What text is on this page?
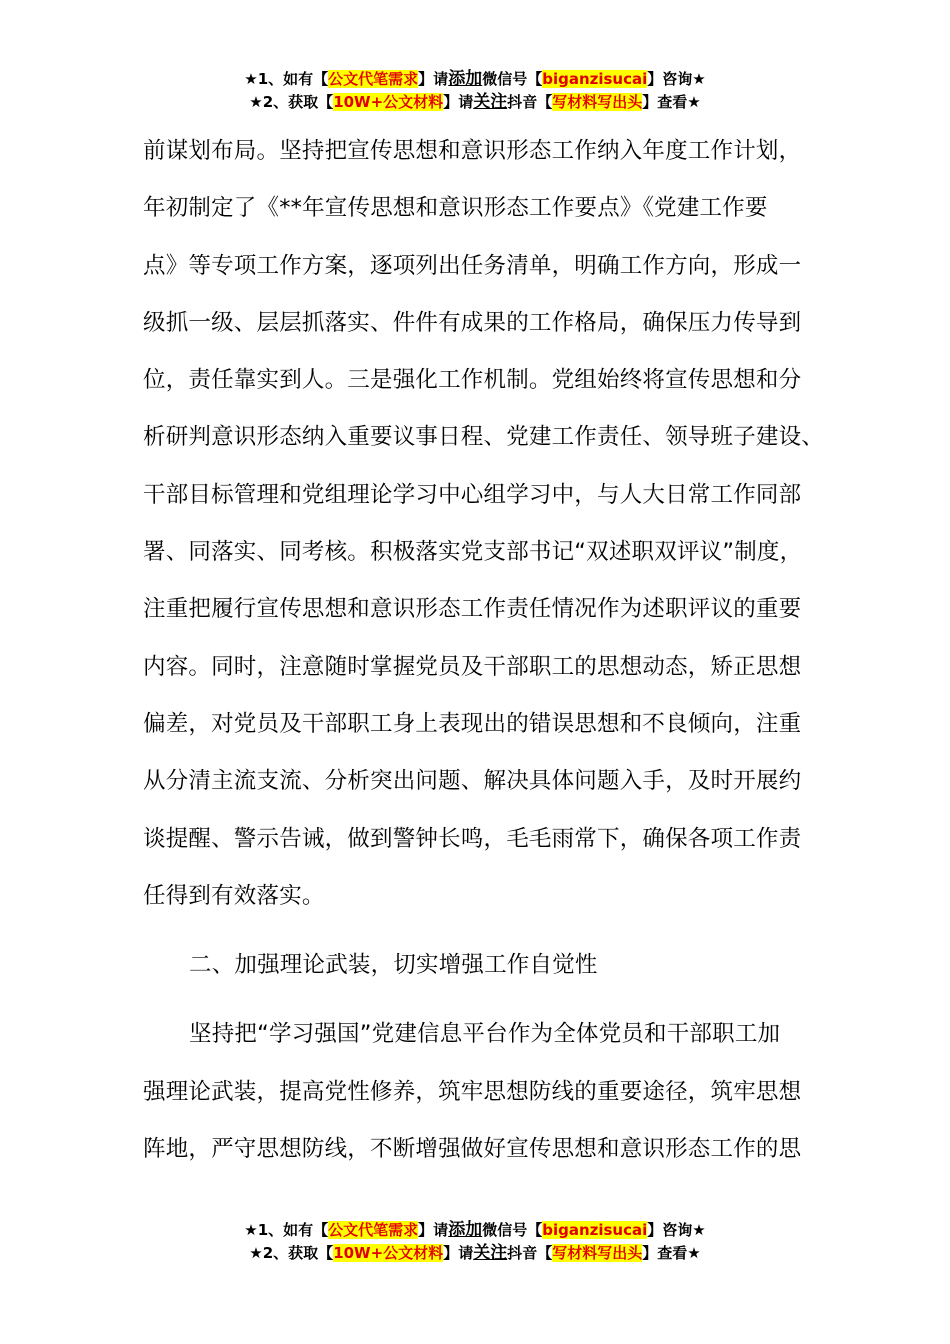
★1、如有【公文代笔需求】请添加微信号【biganzisucai】咨询★
★2、获取【10W+公文材料】请关注抖音【写材料写出头】查看★
前谋划布局。坚持把宣传思想和意识形态工作纳入年度工作计划，
年初制定了《**年宣传思想和意识形态工作要点》《党建工作要
点》等专项工作方案，逐项列出任务清单，明确工作方向，形成一
级抓一级、层层抓落实、件件有成果的工作格局，确保压力传导到
位，责任靠实到人。三是强化工作机制。党组始终将宣传思想和分
析研判意识形态纳入重要议事日程、党建工作责任、领导班子建设、
干部目标管理和党组理论学习中心组学习中，与人大日常工作同部
署、同落实、同考核。积极落实党支部书记“双述职双评议”制度，
注重把履行宣传思想和意识形态工作责任情况作为述职评议的重要
内容。同时，注意随时掌握党员及干部职工的思想动态，矫正思想
偏差，对党员及干部职工身上表现出的错误思想和不良倾向，注重
从分清主流支流、分析突出问题、解决具体问题入手，及时开展约
谈提醒、警示告诫，做到警钟长鸣，毛毛雨常下，确保各项工作责
任得到有效落实。
二、加强理论武装，切实增强工作自觉性
坚持把“学习强国”党建信息平台作为全体党员和干部职工加
强理论武装，提高党性修养，筑牢思想防线的重要途径，筑牢思想
阵地，严守思想防线，不断增强做好宣传思想和意识形态工作的思
★1、如有【公文代笔需求】请添加微信号【biganzisucai】咨询★
★2、获取【10W+公文材料】请关注抖音【写材料写出头】查看★
